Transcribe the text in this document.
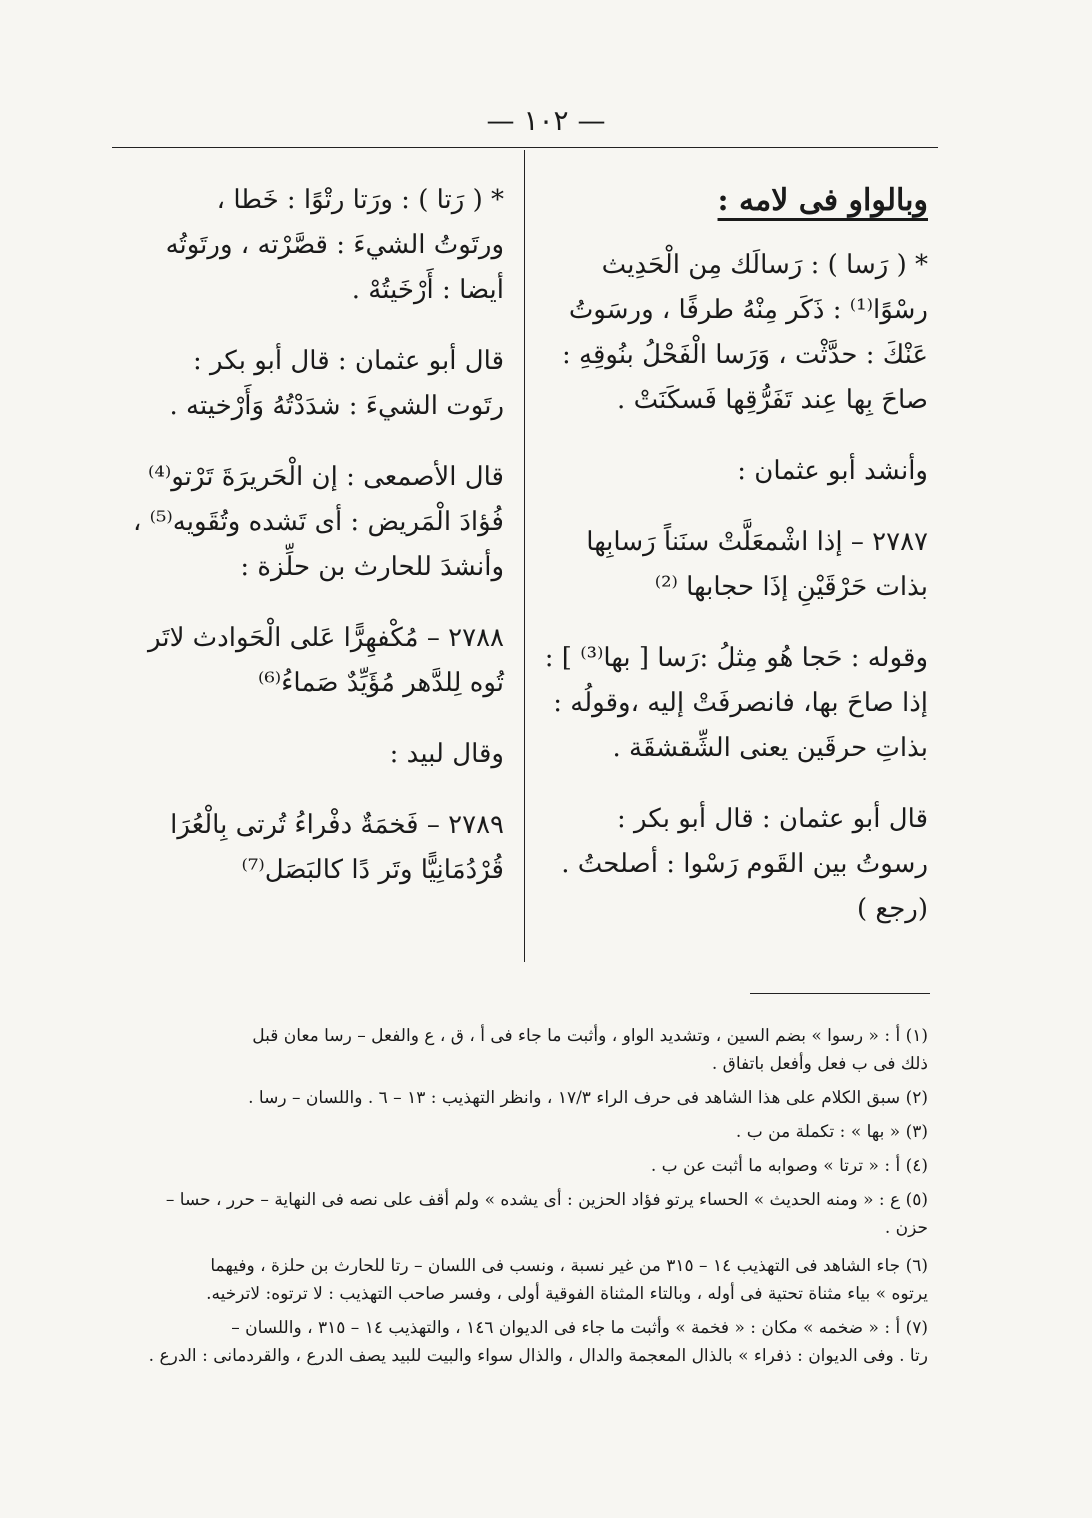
— ١٠٢ —
وبالواو فى لامه :
* ( رَسا ) : رَسالَك مِن الْحَدِيث
رسْوًا⁽¹⁾ : ذَكَر مِنْهُ طرفًا ، ورسَوتُ
عَنْكَ : حدَّثْت ، وَرَسا الْفَحْلُ بنُوقِهِ :
صاحَ بِها عِند تَفَرُّقِها فَسكَنَتْ .
وأنشد أبو عثمان :
٢٧٨٧ – إذا اشْمعَلَّتْ سنَناً رَسابِها
بذات حَرْقَيْنِ إذَا حجابها ⁽²⁾
وقوله : حَجا هُو مِثلُ :رَسا [ بها⁽³⁾ ] :
إذا صاحَ بها، فانصرفَتْ إليه ،وقولُه :
بذاتِ حرقَين يعنى الشِّقشقَة .
قال أبو عثمان : قال أبو بكر :
رسوتُ بين القَوم رَسْوا : أصلحتُ .
(رجع )
* ( رَتا ) : ورَتا رتْوًا : خَطا ،
ورتَوتُ الشيءَ : قصَّرْته ، ورتَوتُه
أيضا : أَرْخَيتُهْ .
قال أبو عثمان : قال أبو بكر :
رتَوت الشيءَ : شدَدْتُهُ وَأَرْخيته .
قال الأصمعى : إن الْحَريرَةَ تَرْتو⁽⁴⁾
فُؤادَ الْمَريض : أى تَشده وتُقَويه⁽⁵⁾ ،
وأنشدَ للحارث بن حلِّزة :
٢٧٨٨ – مُكْفهِرًّا عَلى الْحَوادث لاتَر
تُوه لِلدَّهر مُؤَيِّدٌ صَماءُ⁽⁶⁾
وقال لبيد :
٢٧٨٩ – فَخمَةٌ دفْراءُ تُرتى بِالْعُرَا
قُرْدُمَانِيًّا وتَر دًا كالبَصَل⁽⁷⁾
(١) أ : « رسوا » بضم السين ، وتشديد الواو ، وأثبت ما جاء فى أ ، ق ، ع والفعل – رسا معان قبل
ذلك فى ب فعل وأفعل باتفاق .
(٢) سبق الكلام على هذا الشاهد فى حرف الراء ١٧/٣ ، وانظر التهذيب : ١٣ – ٦ . واللسان – رسا .
(٣) « بها » : تكملة من ب .
(٤) أ : « ترتا » وصوابه ما أثبت عن ب .
(٥) ع : « ومنه الحديث » الحساء يرتو فؤاد الحزين : أى يشده » ولم أقف على نصه فى النهاية – حرر ، حسا –
حزن .
(٦) جاء الشاهد فى التهذيب ١٤ – ٣١٥ من غير نسبة ، ونسب فى اللسان – رتا للحارث بن حلزة ، وفيهما
يرتوه » بياء مثناة تحتية فى أوله ، وبالتاء المثناة الفوقية أولى ، وفسر صاحب التهذيب : لا ترتوه: لاترخيه.
(٧) أ : « ضخمه » مكان : « فخمة » وأثبت ما جاء فى الديوان ١٤٦ ، والتهذيب ١٤ – ٣١٥ ، واللسان –
رتا . وفى الديوان : ذفراء » بالذال المعجمة والدال ، والذال سواء والبيت للبيد يصف الدرع ، والقردمانى : الدرع .
